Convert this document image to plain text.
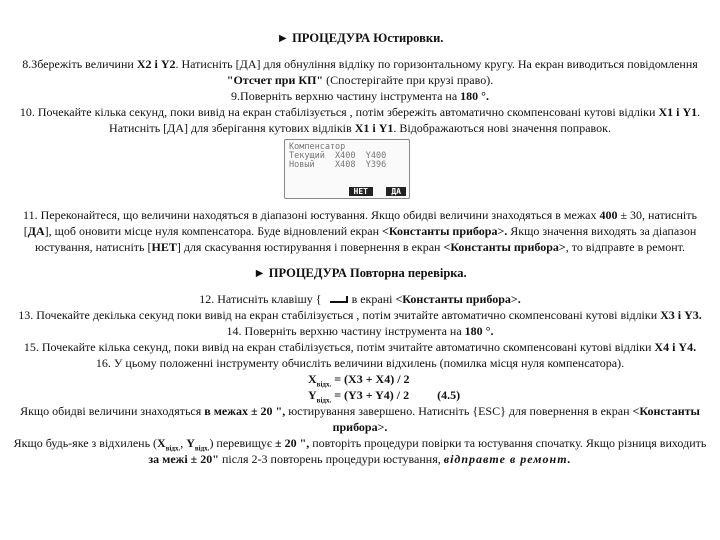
► ПРОЦЕДУРА Юстировки.
8.Збережіть величини X2 і Y2. Натисніть [ДА] для обнуління відліку по горизонтальному кругу. На екран виводиться повідомлення "Отсчет при КП" (Спостерігайте при крузі право).
9.Поверніть верхню частину інструмента на 180 °.
10. Почекайте кілька секунд, поки вивід на екран стабілізується , потім збережіть автоматично скомпенсовані кутові відліки X1 і Y1. Натисніть [ДА] для зберігання кутових відліків X1 і Y1. Відображаються нові значення поправок.
Компенсатор
Текущий  X400  Y400
Новый    X408  Y396
НЕТ	ДА
11. Переконайтеся, що величини находяться в діапазоні юстування. Якщо обидві величини знаходяться в межах 400 ± 30, натисніть [ДА], щоб оновити місце нуля компенсатора. Буде відновлений екран <Константы прибора>. Якщо значення виходять за діапазон юстування, натисніть [НЕТ] для скасування юстирування і повернення в екран <Константы прибора>, то відправте в ремонт.
► ПРОЦЕДУРА Повторна перевірка.
12. Натисніть клавішу {	в екрані <Константы прибора>.
13. Почекайте декілька секунд поки вивід на екран стабілізується , потім зчитайте автоматично скомпенсовані кутові відліки X3 і Y3.
14. Поверніть верхню частину інструмента на 180 °.
15. Почекайте кілька секунд, поки вивід на екран стабілізується, потім зчитайте автоматично скомпенсовані кутові відліки X4 і Y4.
16. У цьому положенні інструменту обчисліть величини відхилень (помилка місця нуля компенсатора).
$X_{відх.} = (X3 + X4) / 2$
$Y_{відх.} = (Y3 + Y4) / 2$ (4.5)
Якщо обидві величини знаходяться в межах ± 20 ", юстирування завершено. Натисніть {ESC} для повернення в екран <Константы прибора>.
Якщо будь-яке з відхилень ($X_{відх.}$, $Y_{відх.}$) перевищує ± 20 ", повторіть процедури повірки та юстування спочатку. Якщо різниця виходить за межі ± 20" після 2-3 повторень процедури юстування, відправте в ремонт.
